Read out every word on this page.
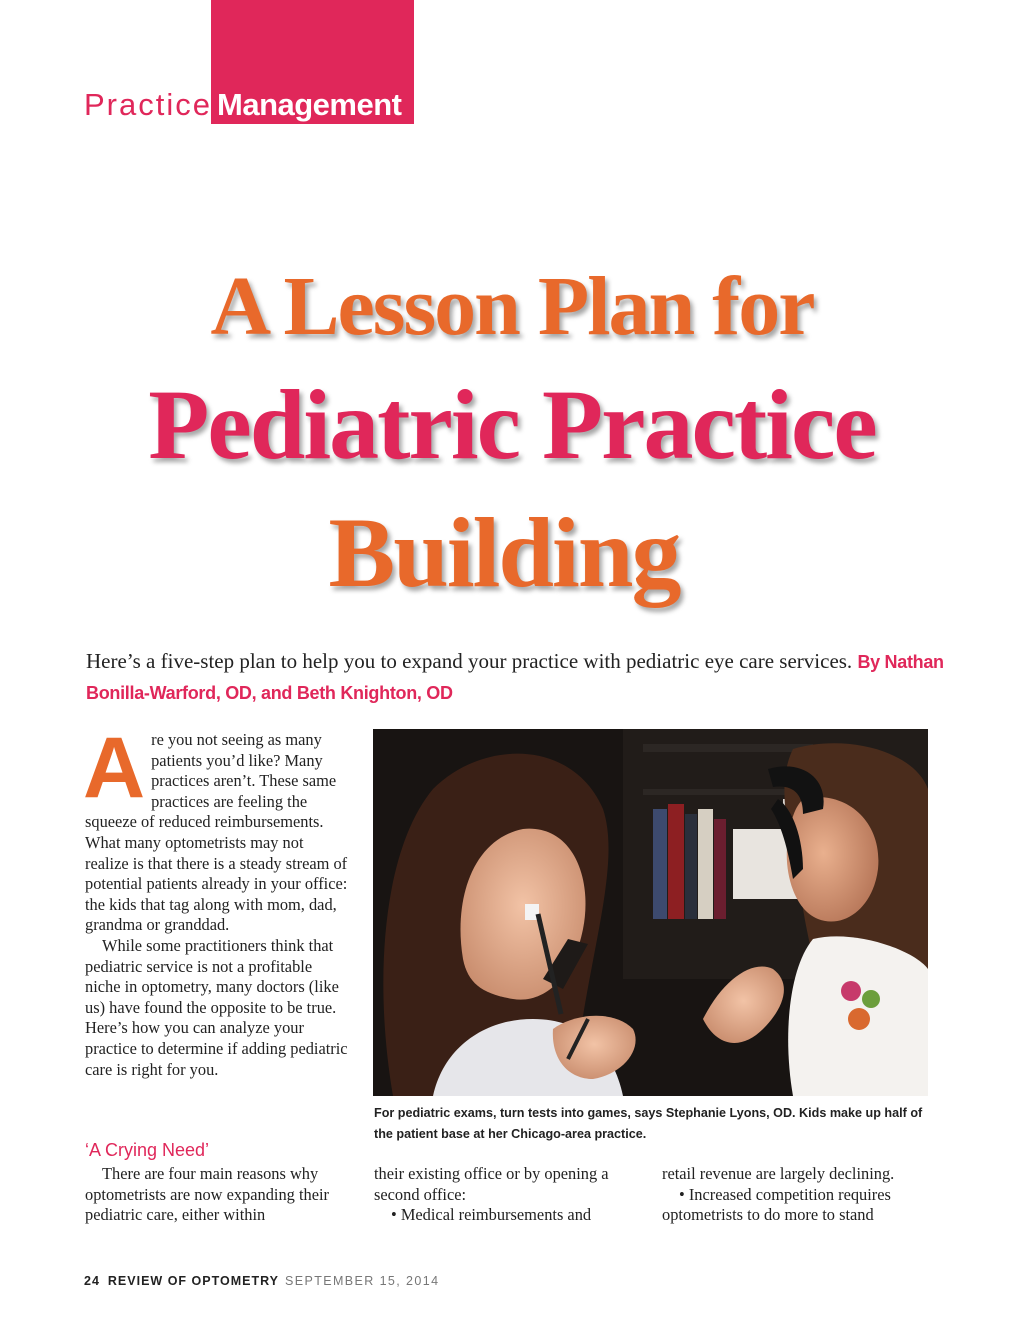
Practice Management
A Lesson Plan for
Pediatric Practice
Building
Here’s a five-step plan to help you to expand your practice with pediatric eye care services. By Nathan Bonilla-Warford, OD, and Beth Knighton, OD
A re you not seeing as many patients you’d like? Many practices aren’t. These same practices are feeling the squeeze of reduced reimbursements. What many optometrists may not realize is that there is a steady stream of potential patients already in your office: the kids that tag along with mom, dad, grandma or granddad.

While some practitioners think that pediatric service is not a profitable niche in optometry, many doctors (like us) have found the opposite to be true. Here’s how you can analyze your practice to determine if adding pediatric care is right for you.

‘A Crying Need’

There are four main reasons why optometrists are now expanding their pediatric care, either within

their existing office or by opening a second office:

• Medical reimbursements and

retail revenue are largely declining.

• Increased competition requires optometrists to do more to stand

For pediatric exams, turn tests into games, says Stephanie Lyons, OD. Kids make up half of the patient base at her Chicago-area practice.
24 REVIEW OF OPTOMETRY SEPTEMBER 15, 2014
